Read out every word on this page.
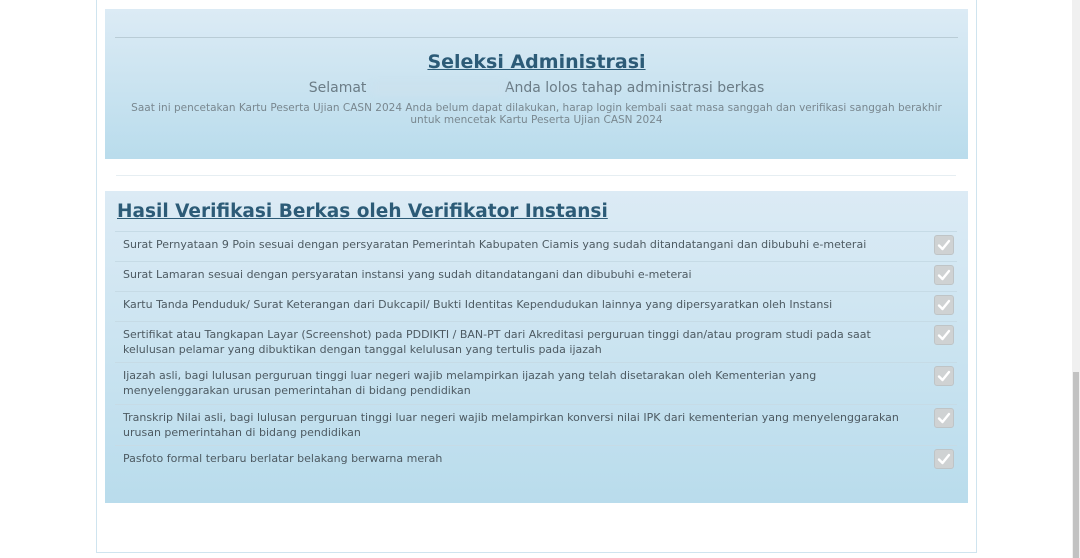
Seleksi Administrasi
Selamat	Anda lolos tahap administrasi berkas
Saat ini pencetakan Kartu Peserta Ujian CASN 2024 Anda belum dapat dilakukan, harap login kembali saat masa sanggah dan verifikasi sanggah berakhir untuk mencetak Kartu Peserta Ujian CASN 2024
Hasil Verifikasi Berkas oleh Verifikator Instansi
Surat Pernyataan 9 Poin sesuai dengan persyaratan Pemerintah Kabupaten Ciamis yang sudah ditandatangani dan dibubuhi e-meterai
Surat Lamaran sesuai dengan persyaratan instansi yang sudah ditandatangani dan dibubuhi e-meterai
Kartu Tanda Penduduk/ Surat Keterangan dari Dukcapil/ Bukti Identitas Kependudukan lainnya yang dipersyaratkan oleh Instansi
Sertifikat atau Tangkapan Layar (Screenshot) pada PDDIKTI / BAN-PT dari Akreditasi perguruan tinggi dan/atau program studi pada saat kelulusan pelamar yang dibuktikan dengan tanggal kelulusan yang tertulis pada ijazah
Ijazah asli, bagi lulusan perguruan tinggi luar negeri wajib melampirkan ijazah yang telah disetarakan oleh Kementerian yang menyelenggarakan urusan pemerintahan di bidang pendidikan
Transkrip Nilai asli, bagi lulusan perguruan tinggi luar negeri wajib melampirkan konversi nilai IPK dari kementerian yang menyelenggarakan urusan pemerintahan di bidang pendidikan
Pasfoto formal terbaru berlatar belakang berwarna merah
